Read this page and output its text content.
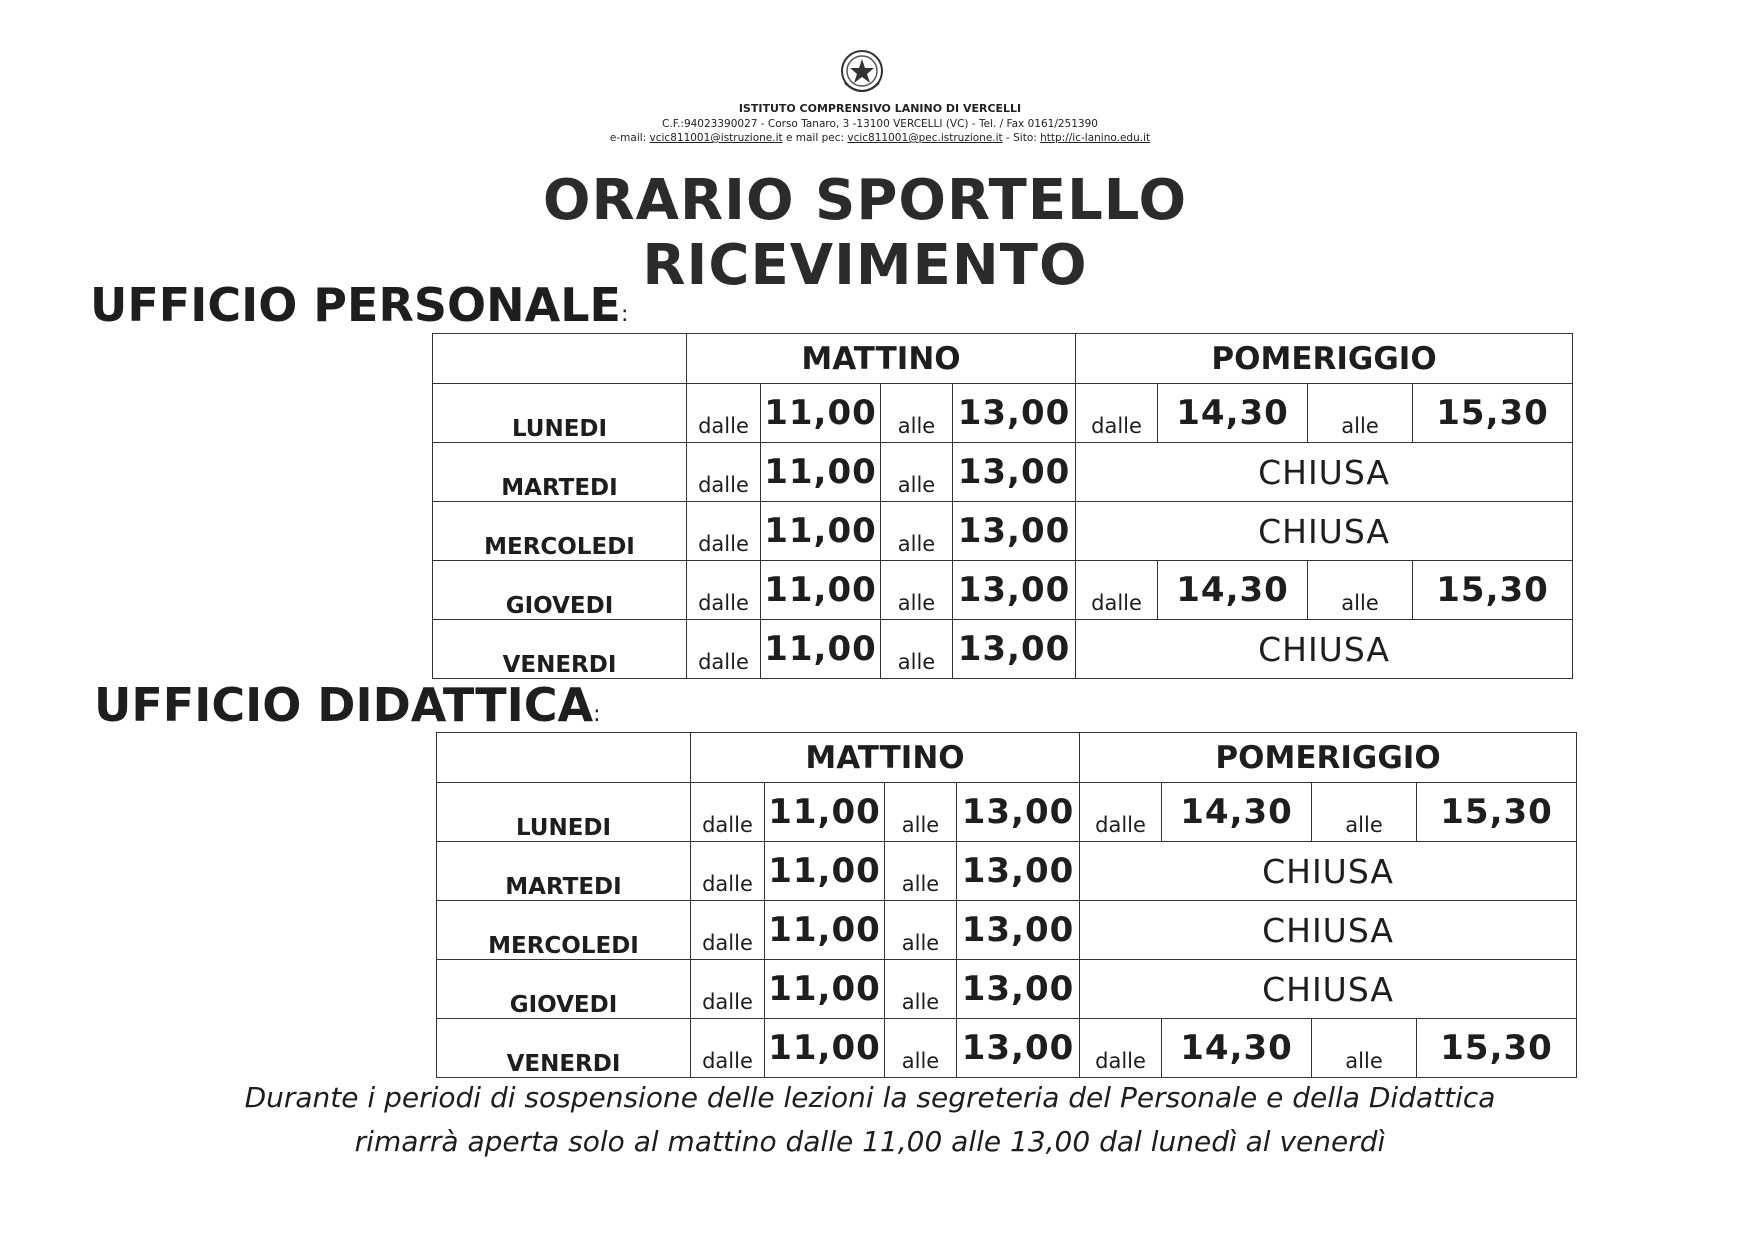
ISTITUTO COMPRENSIVO LANINO DI VERCELLI
C.F.:94023390027 - Corso Tanaro, 3 -13100 VERCELLI (VC) - Tel. / Fax 0161/251390
e-mail: vcic811001@istruzione.it e mail pec: vcic811001@pec.istruzione.it - Sito: http://ic-lanino.edu.it
ORARIO SPORTELLO RICEVIMENTO
UFFICIO PERSONALE:
	MATTINO				POMERIGGIO			
LUNEDI	dalle	11,00	alle	13,00	dalle	14,30	alle	15,30
MARTEDI	dalle	11,00	alle	13,00	CHIUSA			
MERCOLEDI	dalle	11,00	alle	13,00	CHIUSA			
GIOVEDI	dalle	11,00	alle	13,00	dalle	14,30	alle	15,30
VENERDI	dalle	11,00	alle	13,00	CHIUSA			
UFFICIO DIDATTICA:
	MATTINO				POMERIGGIO			
LUNEDI	dalle	11,00	alle	13,00	dalle	14,30	alle	15,30
MARTEDI	dalle	11,00	alle	13,00	CHIUSA			
MERCOLEDI	dalle	11,00	alle	13,00	CHIUSA			
GIOVEDI	dalle	11,00	alle	13,00	CHIUSA			
VENERDI	dalle	11,00	alle	13,00	dalle	14,30	alle	15,30
Durante i periodi di sospensione delle lezioni la segreteria del Personale e della Didattica
rimarrà aperta solo al mattino dalle 11,00 alle 13,00 dal lunedì al venerdì
